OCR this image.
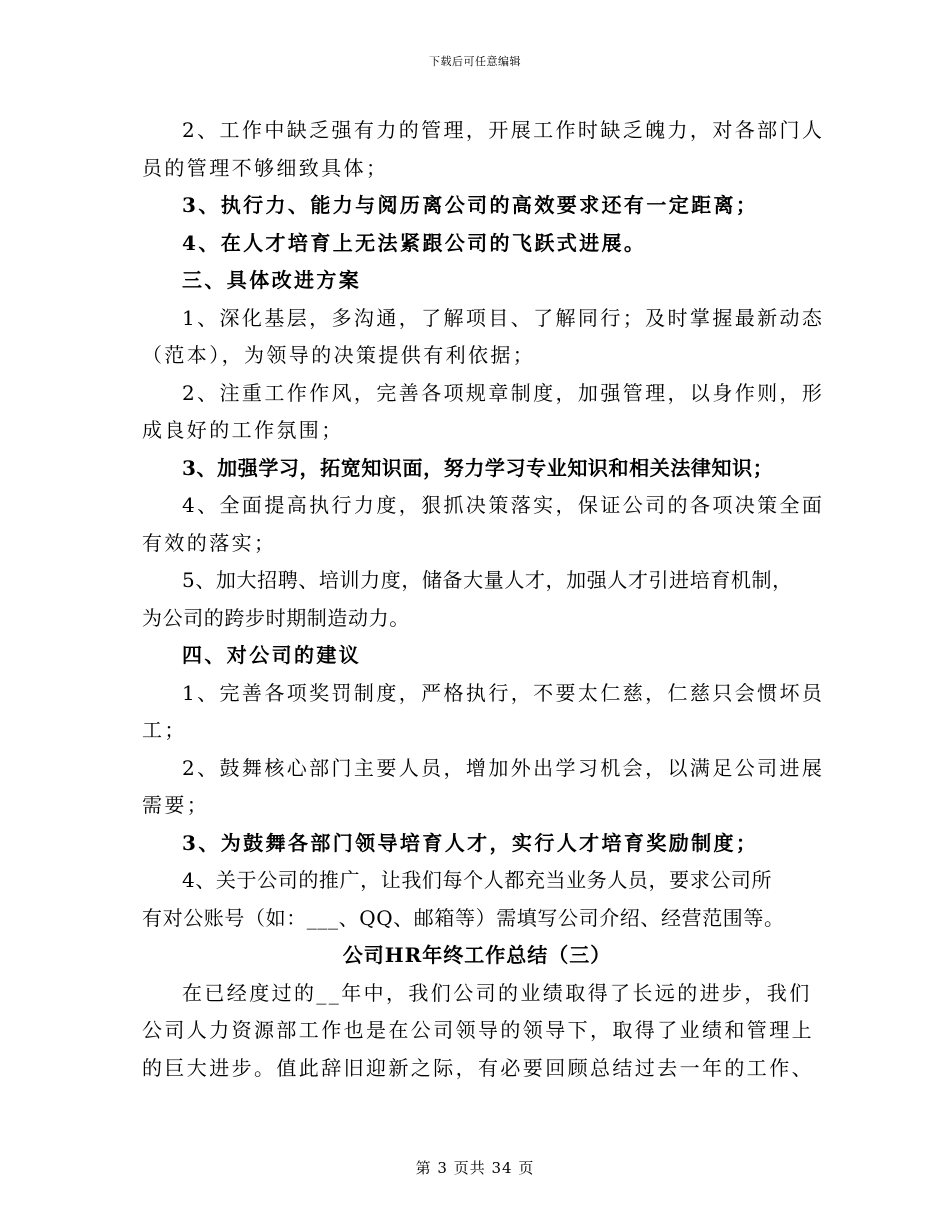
下载后可任意编辑

2、工作中缺乏强有力的管理，开展工作时缺乏魄力，对各部门人
员的管理不够细致具体；

3、执行力、能力与阅历离公司的高效要求还有一定距离；

4、在人才培育上无法紧跟公司的飞跃式进展。

三、具体改进方案

1、深化基层，多沟通，了解项目、了解同行；及时掌握最新动态
（范本），为领导的决策提供有利依据；

2、注重工作作风，完善各项规章制度，加强管理，以身作则，形
成良好的工作氛围；

3、加强学习，拓宽知识面，努力学习专业知识和相关法律知识；

4、全面提高执行力度，狠抓决策落实，保证公司的各项决策全面
有效的落实；

5、加大招聘、培训力度，储备大量人才，加强人才引进培育机制，
为公司的跨步时期制造动力。

四、对公司的建议

1、完善各项奖罚制度，严格执行，不要太仁慈，仁慈只会惯坏员
工；

2、鼓舞核心部门主要人员，增加外出学习机会，以满足公司进展
需要；

3、为鼓舞各部门领导培育人才，实行人才培育奖励制度；

4、关于公司的推广，让我们每个人都充当业务人员，要求公司所
有对公账号（如：___、QQ、邮箱等）需填写公司介绍、经营范围等。

公司HR年终工作总结（三）

在已经度过的__年中，我们公司的业绩取得了长远的进步，我们
公司人力资源部工作也是在公司领导的领导下，取得了业绩和管理上
的巨大进步。值此辞旧迎新之际，有必要回顾总结过去一年的工作、

第 3 页共 34 页
